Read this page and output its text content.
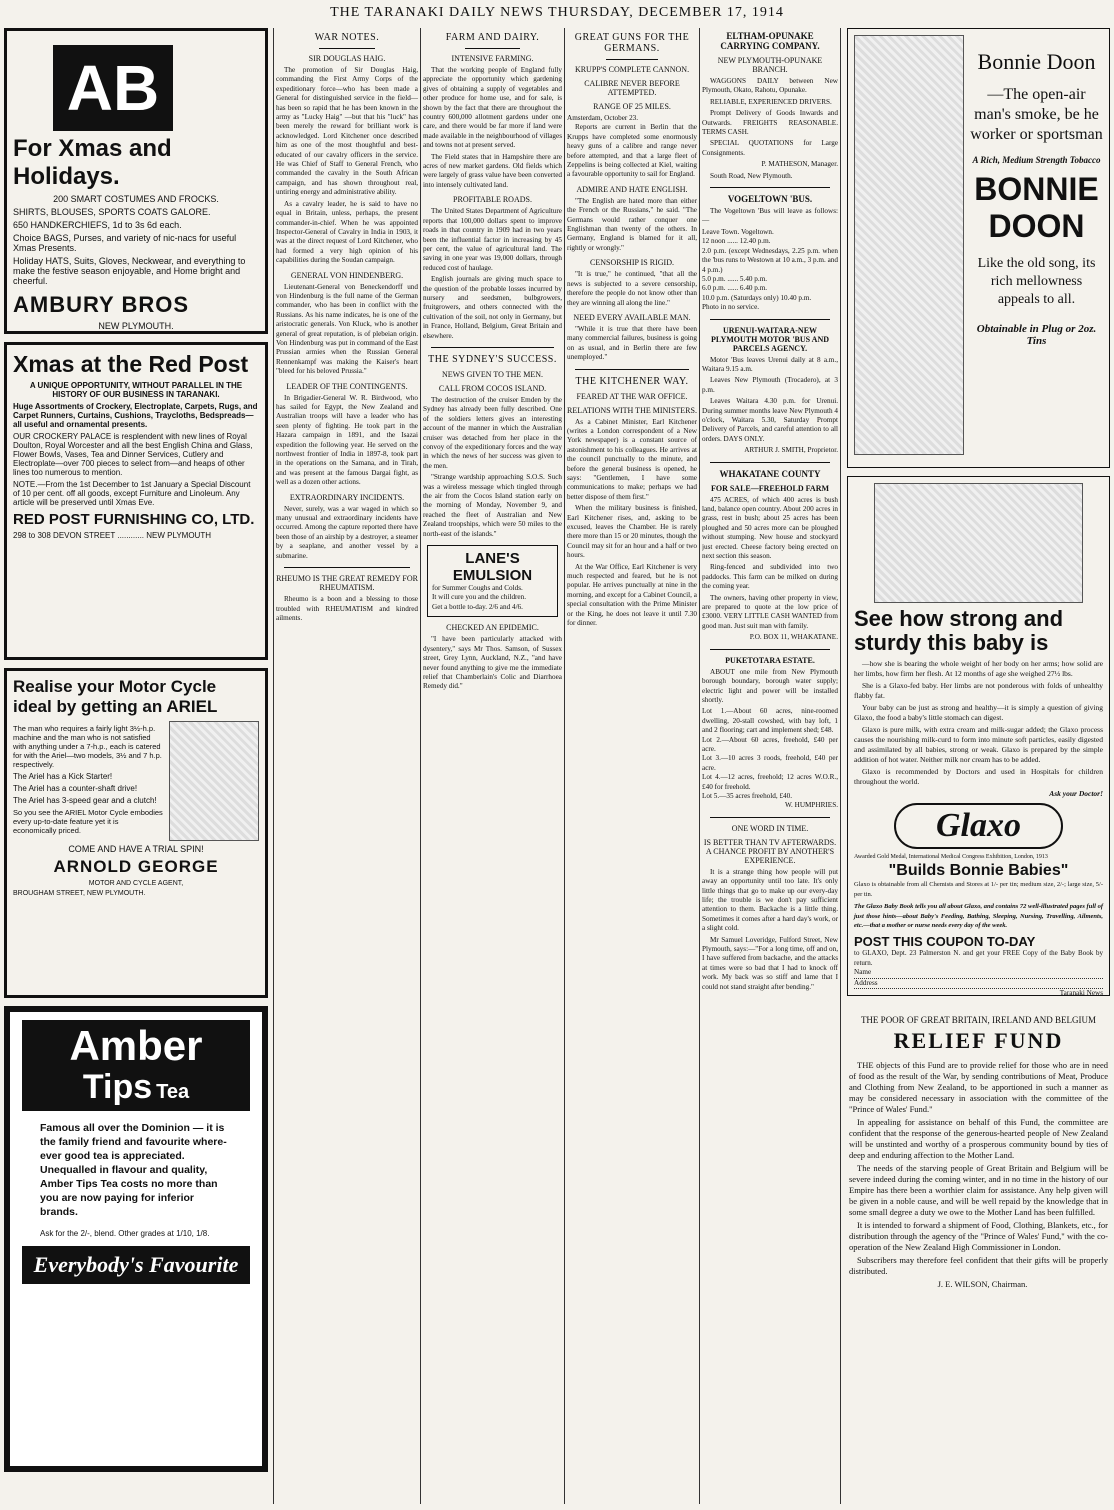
THE TARANAKI DAILY NEWS THURSDAY, DECEMBER 17, 1914
AB
For Xmas and Holidays.
200 SMART COSTUMES AND FROCKS.
SHIRTS, BLOUSES, SPORTS COATS GALORE.
650 HANDKERCHIEFS, 1d to 3s 6d each.
Choice BAGS, Purses, and variety of nic-nacs for useful Xmas Presents.
Holiday HATS, Suits, Gloves, Neckwear, and everything to make the festive season enjoyable, and Home bright and cheerful.
AMBURY BROS
NEW PLYMOUTH.
Xmas at the Red Post
A UNIQUE OPPORTUNITY, WITHOUT PARALLEL IN THE HISTORY OF OUR BUSINESS IN TARANAKI.
Huge Assortments of Crockery, Electroplate, Carpets, Rugs, and Carpet Runners, Curtains, Cushions, Traycloths, Bedspreads—all useful and ornamental presents.
OUR CROCKERY PALACE is resplendent with new lines of Royal Doulton, Royal Worcester and all the best English China and Glass, Flower Bowls, Vases, Tea and Dinner Services, Cutlery and Electroplate—over 700 pieces to select from—and heaps of other lines too numerous to mention.
NOTE.—From the 1st December to 1st January a Special Discount of 10 per cent. off all goods, except Furniture and Linoleum. Any article will be preserved until Xmas Eve.
RED POST FURNISHING CO, LTD.
298 to 308 DEVON STREET ............ NEW PLYMOUTH
Realise your Motor Cycle ideal by getting an ARIEL
The man who requires a fairly light 3½-h.p. machine and the man who is not satisfied with anything under a 7-h.p., each is catered for with the Ariel—two models, 3½ and 7 h.p. respectively.
The Ariel has a Kick Starter!
The Ariel has a counter-shaft drive!
The Ariel has 3-speed gear and a clutch!
So you see the ARIEL Motor Cycle embodies every up-to-date feature yet it is economically priced.
COME AND HAVE A TRIAL SPIN!
ARNOLD GEORGE
MOTOR AND CYCLE AGENT,
BROUGHAM STREET, NEW PLYMOUTH.
Amber
Tips Tea
Famous all over the Dominion — it is the family friend and favourite where-ever good tea is appreciated. Unequalled in flavour and quality, Amber Tips Tea costs no more than you are now paying for inferior brands.
Ask for the 2/-, blend. Other grades at 1/10, 1/8.
Everybody's Favourite
WAR NOTES.
SIR DOUGLAS HAIG.

The promotion of Sir Douglas Haig, commanding the First Army Corps of the expeditionary force—who has been made a General for distinguished service in the field—has been so rapid that he has been known in the army as "Lucky Haig" —but that his "luck" has been merely the reward for brilliant work is acknowledged. Lord Kitchener once described him as one of the most thoughtful and best-educated of our cavalry officers in the service. He was Chief of Staff to General French, who commanded the cavalry in the South African campaign, and has shown throughout real, untiring energy and administrative ability.

As a cavalry leader, he is said to have no equal in Britain, unless, perhaps, the present commander-in-chief. When he was appointed Inspector-General of Cavalry in India in 1903, it was at the direct request of Lord Kitchener, who had formed a very high opinion of his capabilities during the Soudan campaign.

GENERAL VON HINDENBERG.

Lieutenant-General von Beneckendorff und von Hindenburg is the full name of the German commander, who has been in conflict with the Russians. As his name indicates, he is one of the aristocratic generals. Von Kluck, who is another general of great reputation, is of plebeian origin. Von Hindenburg was put in command of the East Prussian armies when the Russian General Rennenkampf was making the Kaiser's heart "bleed for his beloved Prussia."

LEADER OF THE CONTINGENTS.

In Brigadier-General W. R. Birdwood, who has sailed for Egypt, the New Zealand and Australian troops will have a leader who has seen plenty of fighting. He took part in the Hazara campaign in 1891, and the Isazai expedition the following year. He served on the northwest frontier of India in 1897-8, took part in the operations on the Samana, and in Tirah, and was present at the famous Dargai fight, as well as a dozen other actions.

EXTRAORDINARY INCIDENTS.

Never, surely, was a war waged in which so many unusual and extraordinary incidents have occurred. Among the capture reported there have been those of an airship by a destroyer, a steamer by a seaplane, and another vessel by a submarine.

RHEUMO IS THE GREAT REMEDY FOR RHEUMATISM.

Rheumo is a boon and a blessing to those troubled with RHEUMATISM and kindred ailments.

FARM AND DAIRY.
INTENSIVE FARMING.

That the working people of England fully appreciate the opportunity which gardening gives of obtaining a supply of vegetables and other produce for home use, and for sale, is shown by the fact that there are throughout the country 600,000 allotment gardens under one care, and there would be far more if land were made available in the neighbourhood of villages and towns not at present served.

The Field states that in Hampshire there are acres of new market gardens. Old fields which were largely of grass value have been converted into intensely cultivated land.

PROFITABLE ROADS.

The United States Department of Agriculture reports that 100,000 dollars spent to improve roads in that country in 1909 had in two years been the influential factor in increasing by 45 per cent, the value of agricultural land. The saving in one year was 19,000 dollars, through reduced cost of haulage.

English journals are giving much space to the question of the probable losses incurred by nursery and seedsmen, bulbgrowers, fruitgrowers, and others connected with the cultivation of the soil, not only in Germany, but in France, Holland, Belgium, Great Britain and elsewhere.

THE SYDNEY'S SUCCESS.
NEWS GIVEN TO THE MEN.
CALL FROM COCOS ISLAND.

The destruction of the cruiser Emden by the Sydney has already been fully described. One of the soldiers letters gives an interesting account of the manner in which the Australian cruiser was detached from her place in the convoy of the expeditionary forces and the way in which the news of her success was given to the men.

"Strange wardship approaching S.O.S. Such was a wireless message which tingled through the air from the Cocos Island station early on the morning of Monday, November 9, and reached the fleet of Australian and New Zealand troopships, which were 50 miles to the north-east of the islands."

LANE'S EMULSION
for Summer Coughs and Colds.
It will cure you and the children.
Get a bottle to-day. 2/6 and 4/6.
CHECKED AN EPIDEMIC.

"I have been particularly attacked with dysentery," says Mr Thos. Samson, of Sussex street, Grey Lynn, Auckland, N.Z., "and have never found anything to give me the immediate relief that Chamberlain's Colic and Diarrhoea Remedy did."

GREAT GUNS FOR THE GERMANS.
KRUPP'S COMPLETE CANNON.
CALIBRE NEVER BEFORE ATTEMPTED.
RANGE OF 25 MILES.
Amsterdam, October 23.

Reports are current in Berlin that the Krupps have completed some enormously heavy guns of a calibre and range never before attempted, and that a large fleet of Zeppelins is being collected at Kiel, waiting a favourable opportunity to sail for England.

ADMIRE AND HATE ENGLISH.

"The English are hated more than either the French or the Russians," he said. "The Germans would rather conquer one Englishman than twenty of the others. In Germany, England is blamed for it all, rightly or wrongly."

CENSORSHIP IS RIGID.

"It is true," he continued, "that all the news is subjected to a severe censorship, therefore the people do not know other than they are winning all along the line."

NEED EVERY AVAILABLE MAN.

"While it is true that there have been many commercial failures, business is going on as usual, and in Berlin there are few unemployed."

THE KITCHENER WAY.
FEARED AT THE WAR OFFICE.
RELATIONS WITH THE MINISTERS.

As a Cabinet Minister, Earl Kitchener (writes a London correspondent of a New York newspaper) is a constant source of astonishment to his colleagues. He arrives at the council punctually to the minute, and before the general business is opened, he says: "Gentlemen, I have some communications to make; perhaps we had better dispose of them first."

When the military business is finished, Earl Kitchener rises, and, asking to be excused, leaves the Chamber. He is rarely there more than 15 or 20 minutes, though the Council may sit for an hour and a half or two hours.

At the War Office, Earl Kitchener is very much respected and feared, but he is not popular. He arrives punctually at nine in the morning, and except for a Cabinet Council, a special consultation with the Prime Minister or the King, he does not leave it until 7.30 for dinner.

ELTHAM-OPUNAKE CARRYING COMPANY.
NEW PLYMOUTH-OPUNAKE BRANCH.

WAGGONS DAILY between New Plymouth, Okato, Rahotu, Opunake.

RELIABLE, EXPERIENCED DRIVERS.

Prompt Delivery of Goods Inwards and Outwards. FREIGHTS REASONABLE. TERMS CASH.

SPECIAL QUOTATIONS for Large Consignments.

P. MATHESON, Manager.

South Road, New Plymouth.

VOGELTOWN 'BUS.

The Vogeltown 'Bus will leave as follows:—

Leave Town. Vogeltown.
12 noon ...... 12.40 p.m.
2.0 p.m. (except Wednesdays, 2.25 p.m. when the 'bus runs to Westown at 10 a.m., 3 p.m. and 4 p.m.)
5.0 p.m. ...... 5.40 p.m.
6.0 p.m. ...... 6.40 p.m.
10.0 p.m. (Saturdays only) 10.40 p.m.
Photo in no service.
URENUI-WAITARA-NEW PLYMOUTH MOTOR 'BUS AND PARCELS AGENCY.

Motor 'Bus leaves Urenui daily at 8 a.m., Waitara 9.15 a.m.

Leaves New Plymouth (Trocadero), at 3 p.m.

Leaves Waitara 4.30 p.m. for Urenui. During summer months leave New Plymouth 4 o'clock, Waitara 5.30, Saturday Prompt Delivery of Parcels, and careful attention to all orders. DAYS ONLY.

ARTHUR J. SMITH, Proprietor.

WHAKATANE COUNTY
FOR SALE—FREEHOLD FARM

475 ACRES, of which 400 acres is bush land, balance open country. About 200 acres in grass, rest in bush; about 25 acres has been ploughed and 50 acres more can be ploughed without stumping. New house and stockyard just erected. Cheese factory being erected on next section this season.

Ring-fenced and subdivided into two paddocks. This farm can be milked on during the coming year.

The owners, having other property in view, are prepared to quote at the low price of £3000. VERY LITTLE CASH WANTED from good man. Just suit man with family.

P.O. BOX 11, WHAKATANE.

PUKETOTARA ESTATE.

ABOUT one mile from New Plymouth borough boundary, borough water supply; electric light and power will be installed shortly.

Lot 1.—About 60 acres, nine-roomed dwelling, 20-stall cowshed, with bay loft, 1 and 2 flooring; cart and implement shed; £48.
Lot 2.—About 60 acres, freehold, £40 per acre.
Lot 3.—10 acres 3 roods, freehold, £40 per acre.
Lot 4.—12 acres, freehold; 12 acres W.O.R., £40 for freehold.
Lot 5.—35 acres freehold, £40.

W. HUMPHRIES.

ONE WORD IN TIME.
IS BETTER THAN TV AFTERWARDS. A CHANCE PROFIT BY ANOTHER'S EXPERIENCE.

It is a strange thing how people will put away an opportunity until too late. It's only little things that go to make up our every-day life; the trouble is we don't pay sufficient attention to them. Backache is a little thing. Sometimes it comes after a hard day's work, or a slight cold.

Mr Samuel Loveridge, Fulford Street, New Plymouth, says:—"For a long time, off and on, I have suffered from backache, and the attacks at times were so bad that I had to knock off work. My back was so stiff and lame that I could not stand straight after bending."

Bonnie Doon
—The open-air man's smoke, be he worker or sportsman
A Rich, Medium Strength Tobacco
BONNIE
DOON
Like the old song, its rich mellowness appeals to all.
Obtainable in Plug or 2oz. Tins
See how strong and sturdy this baby is

—how she is bearing the whole weight of her body on her arms; how solid are her limbs, how firm her flesh. At 12 months of age she weighed 27½ lbs.

She is a Glaxo-fed baby. Her limbs are not ponderous with folds of unhealthy flabby fat.

Your baby can be just as strong and healthy—it is simply a question of giving Glaxo, the food a baby's little stomach can digest.

Glaxo is pure milk, with extra cream and milk-sugar added; the Glaxo process causes the nourishing milk-curd to form into minute soft particles, easily digested and assimilated by all babies, strong or weak. Glaxo is prepared by the simple addition of hot water. Neither milk nor cream has to be added.

Glaxo is recommended by Doctors and used in Hospitals for children throughout the world.

Ask your Doctor!

Glaxo
Awarded Gold Medal, International Medical Congress Exhibition, London, 1913
"Builds Bonnie Babies"
Glaxo is obtainable from all Chemists and Stores at 1/- per tin; medium size, 2/-; large size, 5/- per tin.
The Glaxo Baby Book tells you all about Glaxo, and contains 72 well-illustrated pages full of just those hints—about Baby's Feeding, Bathing, Sleeping, Nursing, Travelling, Ailments, etc.—that a mother or nurse needs every day of the week.
POST THIS COUPON TO-DAY
to GLAXO, Dept. 23 Palmerston N. and get your FREE Copy of the Baby Book by return.
Name
Address
Taranaki News
THE POOR OF GREAT BRITAIN, IRELAND AND BELGIUM
RELIEF FUND

THE objects of this Fund are to provide relief for those who are in need of food as the result of the War, by sending contributions of Meat, Produce and Clothing from New Zealand, to be apportioned in such a manner as may be considered necessary in association with the committee of the "Prince of Wales' Fund."

In appealing for assistance on behalf of this Fund, the committee are confident that the response of the generous-hearted people of New Zealand will be unstinted and worthy of a prosperous community bound by ties of deep and enduring affection to the Mother Land.

The needs of the starving people of Great Britain and Belgium will be severe indeed during the coming winter, and in no time in the history of our Empire has there been a worthier claim for assistance. Any help given will be given in a noble cause, and will be well repaid by the knowledge that in some small degree a duty we owe to the Mother Land has been fulfilled.

It is intended to forward a shipment of Food, Clothing, Blankets, etc., for distribution through the agency of the "Prince of Wales' Fund," with the co-operation of the New Zealand High Commissioner in London.

Subscribers may therefore feel confident that their gifts will be properly distributed.

J. E. WILSON, Chairman.
